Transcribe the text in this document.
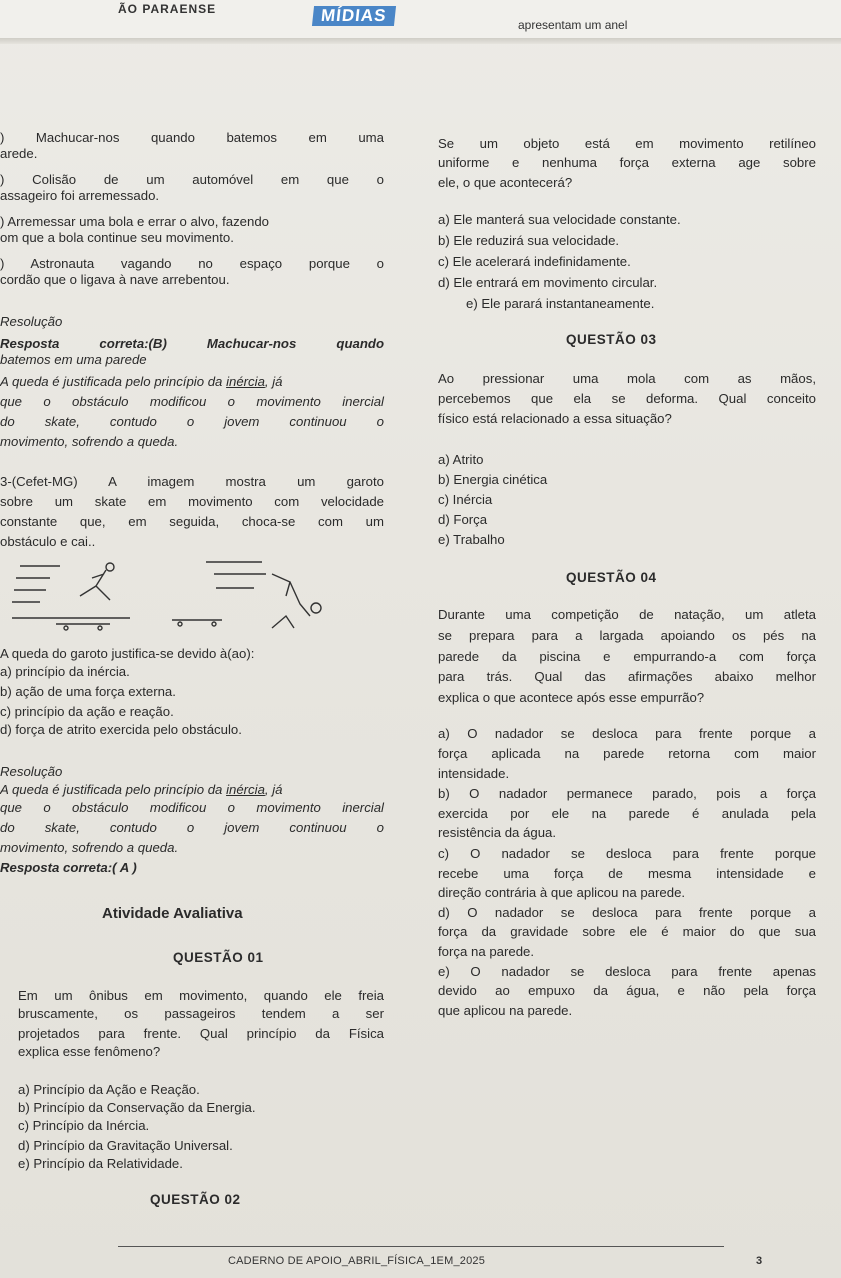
ÃO PARAENSE	MÍDIAS	apresentam um anel
) Machucar-nos quando batemos em uma
arede.
) Colisão de um automóvel em que o
assageiro foi arremessado.
) Arremessar uma bola e errar o alvo, fazendo
om que a bola continue seu movimento.
) Astronauta vagando no espaço porque o
cordão que o ligava à nave arrebentou.
Resolução
Resposta correta:(B) Machucar-nos quando
batemos em uma parede
A queda é justificada pelo princípio da inércia, já
que o obstáculo modificou o movimento inercial
do skate, contudo o jovem continuou o
movimento, sofrendo a queda.
3-(Cefet-MG) A imagem mostra um garoto
sobre um skate em movimento com velocidade
constante que, em seguida, choca-se com um
obstáculo e cai..
A queda do garoto justifica-se devido à(ao):
a) princípio da inércia.
b) ação de uma força externa.
c) princípio da ação e reação.
d) força de atrito exercida pelo obstáculo.
Resolução
A queda é justificada pelo princípio da inércia, já
que o obstáculo modificou o movimento inercial
do skate, contudo o jovem continuou o
movimento, sofrendo a queda.
Resposta correta:( A )
Atividade Avaliativa
QUESTÃO 01
Em um ônibus em movimento, quando ele freia
bruscamente, os passageiros tendem a ser
projetados para frente. Qual princípio da Física
explica esse fenômeno?
a) Princípio da Ação e Reação.
b) Princípio da Conservação da Energia.
c) Princípio da Inércia.
d) Princípio da Gravitação Universal.
e) Princípio da Relatividade.
QUESTÃO 02
Se um objeto está em movimento retilíneo
uniforme e nenhuma força externa age sobre
ele, o que acontecerá?
a) Ele manterá sua velocidade constante.
b) Ele reduzirá sua velocidade.
c) Ele acelerará indefinidamente.
d) Ele entrará em movimento circular.
e) Ele parará instantaneamente.
QUESTÃO 03
Ao pressionar uma mola com as mãos,
percebemos que ela se deforma. Qual conceito
físico está relacionado a essa situação?
a) Atrito
b) Energia cinética
c) Inércia
d) Força
e) Trabalho
QUESTÃO 04
Durante uma competição de natação, um atleta
se prepara para a largada apoiando os pés na
parede da piscina e empurrando-a com força
para trás. Qual das afirmações abaixo melhor
explica o que acontece após esse empurrão?
a) O nadador se desloca para frente porque a
força aplicada na parede retorna com maior
intensidade.
b) O nadador permanece parado, pois a força
exercida por ele na parede é anulada pela
resistência da água.
c) O nadador se desloca para frente porque
recebe uma força de mesma intensidade e
direção contrária à que aplicou na parede.
d) O nadador se desloca para frente porque a
força da gravidade sobre ele é maior do que sua
força na parede.
e) O nadador se desloca para frente apenas
devido ao empuxo da água, e não pela força
que aplicou na parede.
CADERNO DE APOIO_ABRIL_FÍSICA_1EM_2025	3
